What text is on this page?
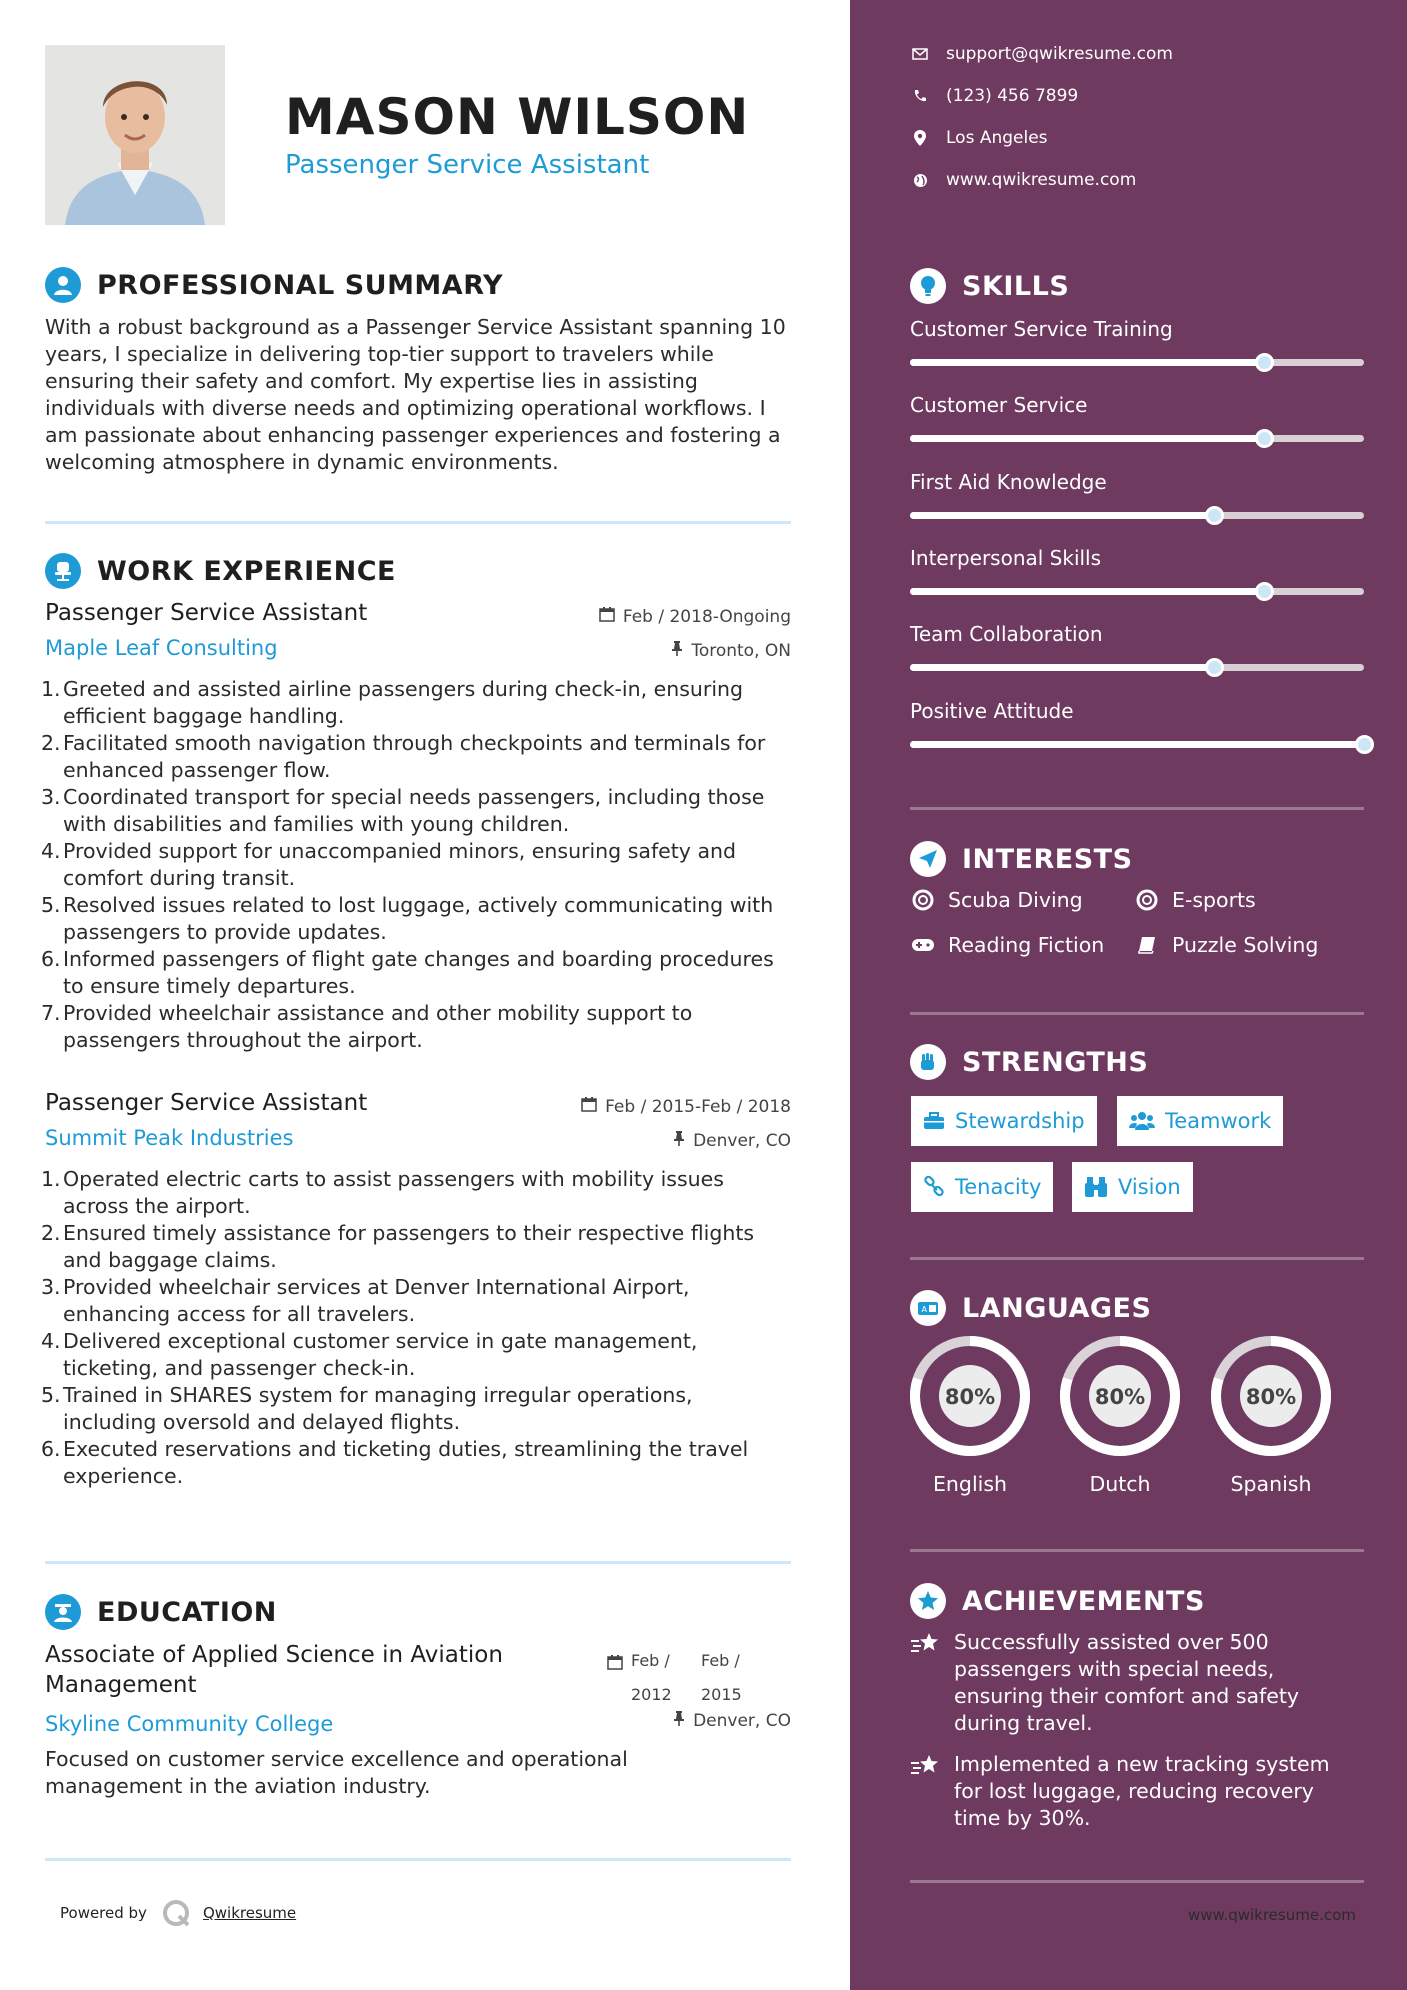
MASON WILSON
Passenger Service Assistant
PROFESSIONAL SUMMARY
With a robust background as a Passenger Service Assistant spanning 10 years, I specialize in delivering top-tier support to travelers while ensuring their safety and comfort. My expertise lies in assisting individuals with diverse needs and optimizing operational workflows. I am passionate about enhancing passenger experiences and fostering a welcoming atmosphere in dynamic environments.
WORK EXPERIENCE
Passenger Service Assistant
Maple Leaf Consulting
Feb / 2018-Ongoing
Toronto, ON
1. Greeted and assisted airline passengers during check-in, ensuring efficient baggage handling.
2. Facilitated smooth navigation through checkpoints and terminals for enhanced passenger flow.
3. Coordinated transport for special needs passengers, including those with disabilities and families with young children.
4. Provided support for unaccompanied minors, ensuring safety and comfort during transit.
5. Resolved issues related to lost luggage, actively communicating with passengers to provide updates.
6. Informed passengers of flight gate changes and boarding procedures to ensure timely departures.
7. Provided wheelchair assistance and other mobility support to passengers throughout the airport.
Passenger Service Assistant
Summit Peak Industries
Feb / 2015-Feb / 2018
Denver, CO
1. Operated electric carts to assist passengers with mobility issues across the airport.
2. Ensured timely assistance for passengers to their respective flights and baggage claims.
3. Provided wheelchair services at Denver International Airport, enhancing access for all travelers.
4. Delivered exceptional customer service in gate management, ticketing, and passenger check-in.
5. Trained in SHARES system for managing irregular operations, including oversold and delayed flights.
6. Executed reservations and ticketing duties, streamlining the travel experience.
EDUCATION
Associate of Applied Science in Aviation Management
Skyline Community College
Feb /
2012
Feb /
2015
Denver, CO
Focused on customer service excellence and operational management in the aviation industry.
Powered by	Qwikresume
support@qwikresume.com
(123) 456 7899
Los Angeles
www.qwikresume.com
SKILLS
Customer Service Training
Customer Service
First Aid Knowledge
Interpersonal Skills
Team Collaboration
Positive Attitude
INTERESTS
Scuba Diving	E-sports
Reading Fiction	Puzzle Solving
STRENGTHS
Stewardship	Teamwork
Tenacity	Vision
A LANGUAGES
80%
English
80%
Dutch
80%
Spanish
ACHIEVEMENTS
Successfully assisted over 500 passengers with special needs, ensuring their comfort and safety during travel.
Implemented a new tracking system for lost luggage, reducing recovery time by 30%.
www.qwikresume.com
